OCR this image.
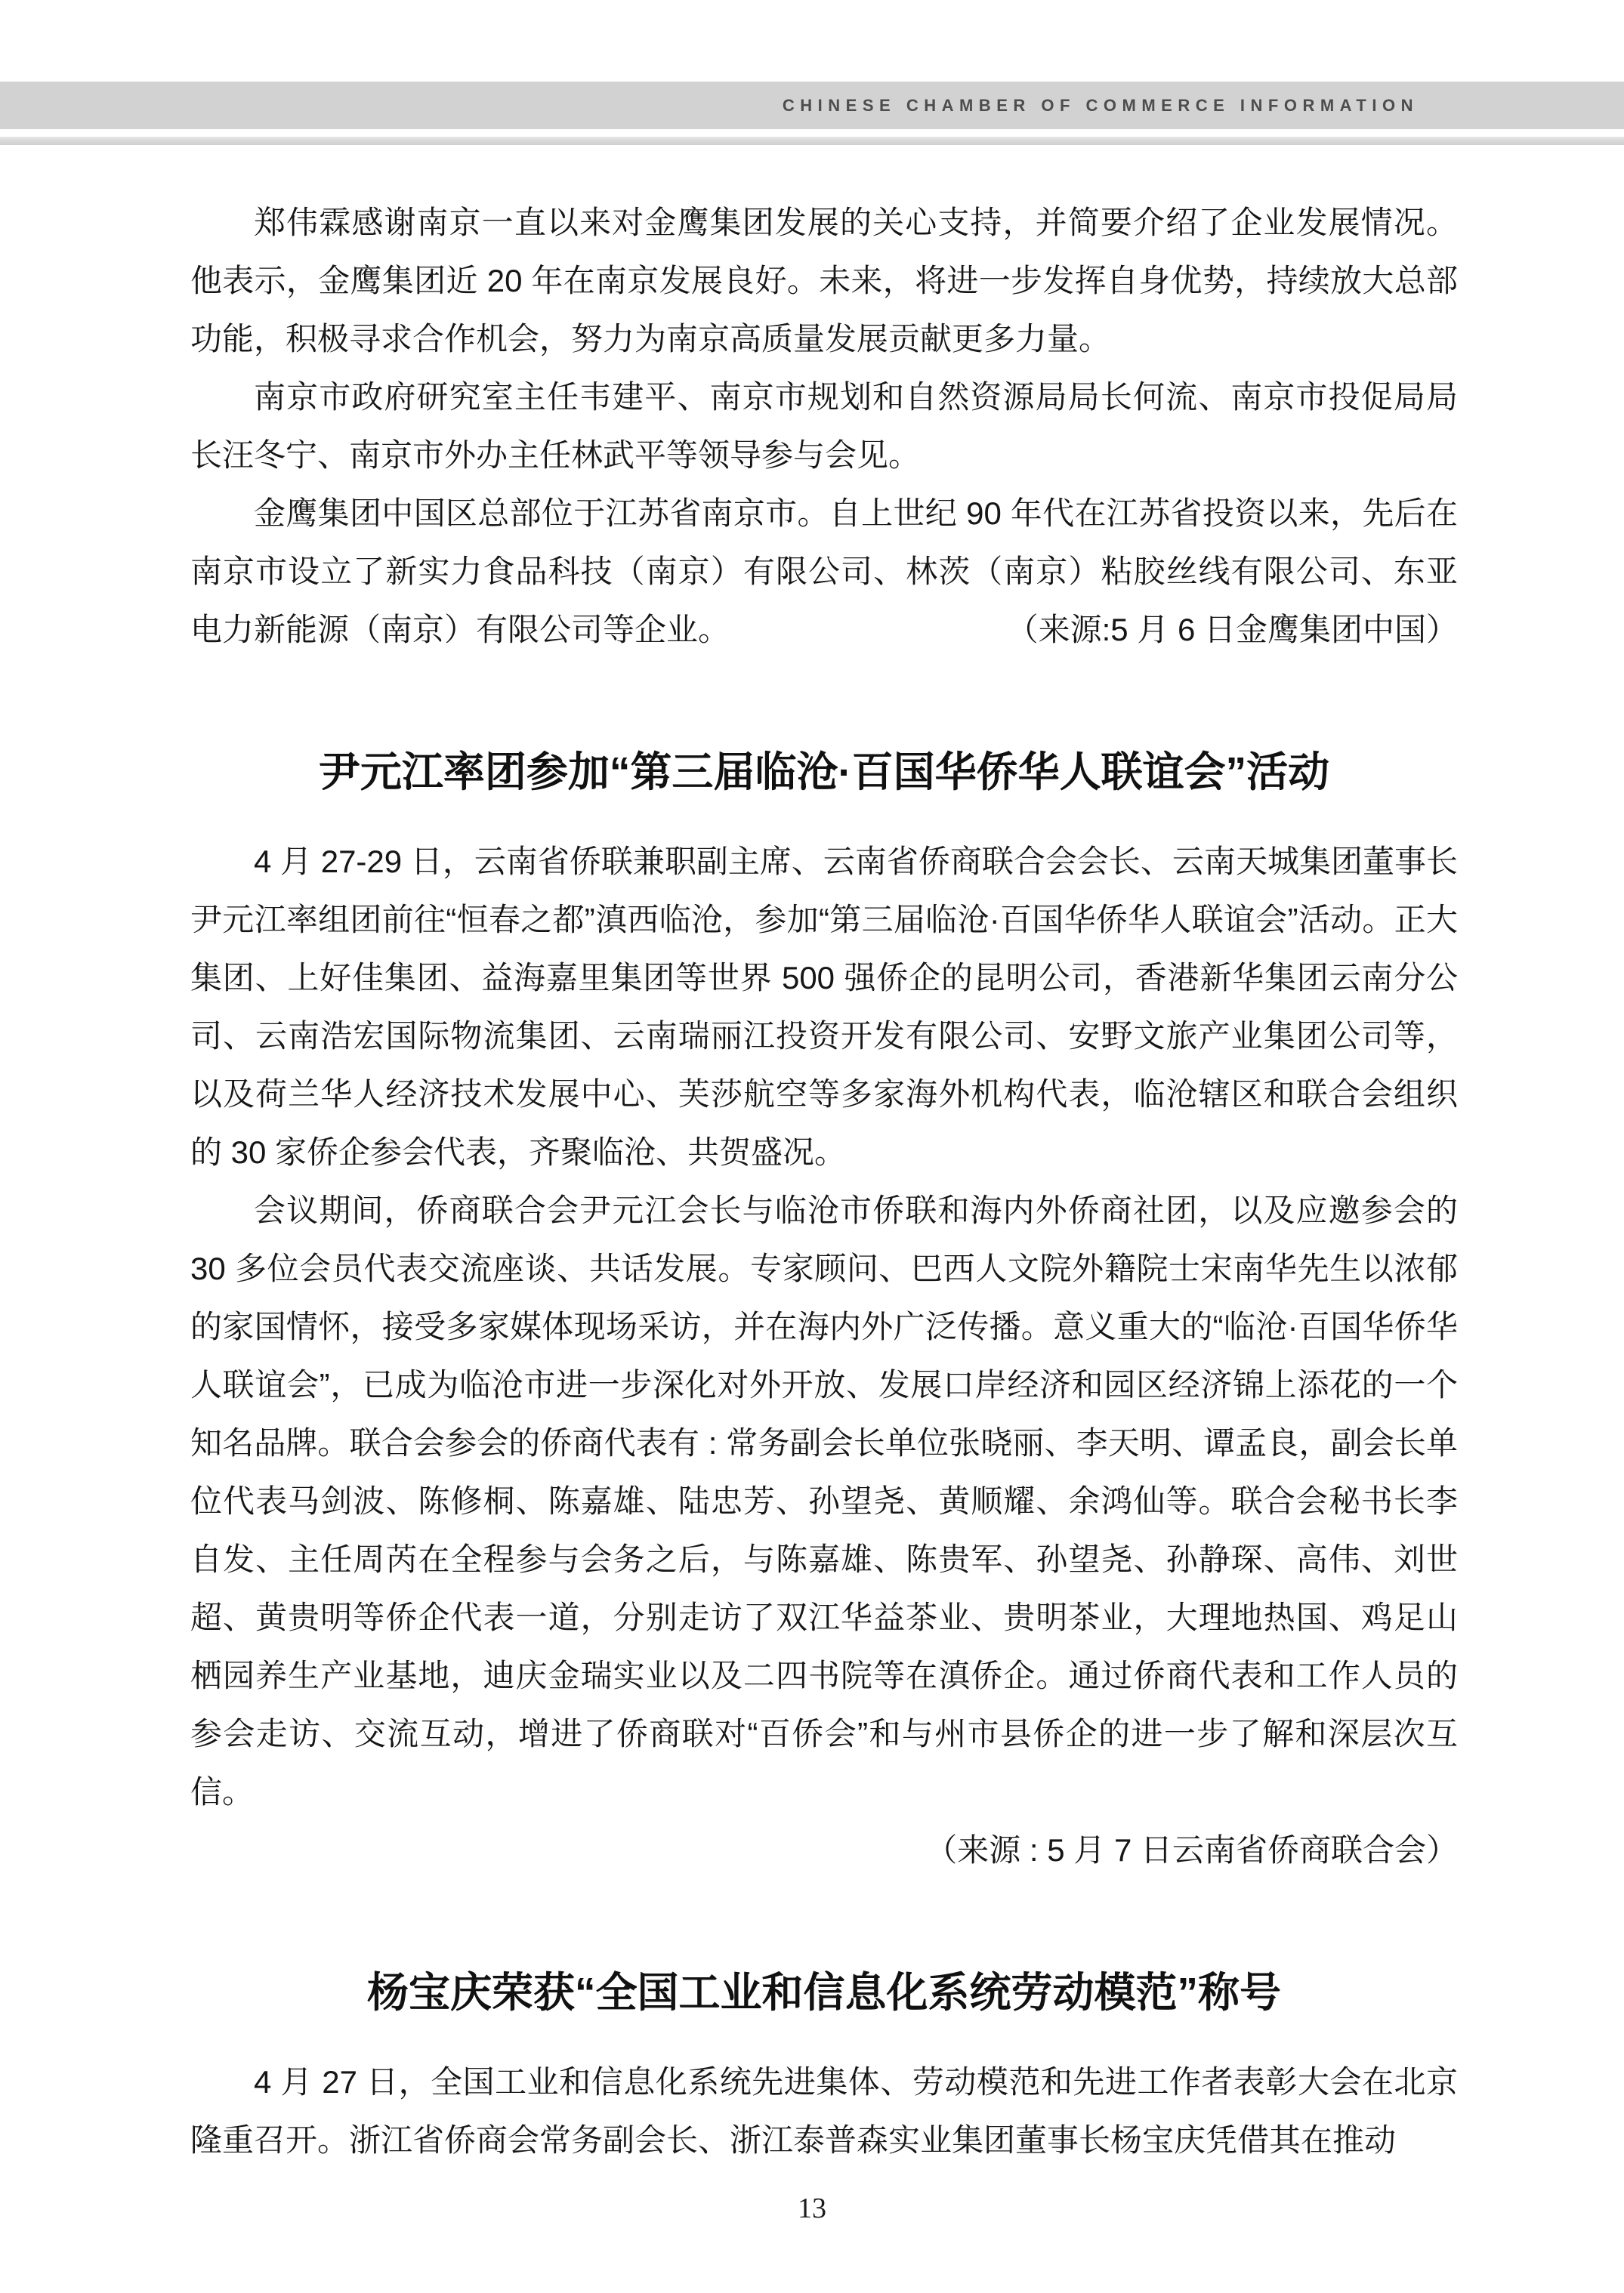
CHINESE CHAMBER OF COMMERCE INFORMATION

郑伟霖感谢南京一直以来对金鹰集团发展的关心支持，并简要介绍了企业发展情况。他表示，金鹰集团近 20 年在南京发展良好。未来，将进一步发挥自身优势，持续放大总部功能，积极寻求合作机会，努力为南京高质量发展贡献更多力量。

南京市政府研究室主任韦建平、南京市规划和自然资源局局长何流、南京市投促局局长汪冬宁、南京市外办主任林武平等领导参与会见。

金鹰集团中国区总部位于江苏省南京市。自上世纪 90 年代在江苏省投资以来，先后在南京市设立了新实力食品科技（南京）有限公司、林茨（南京）粘胶丝线有限公司、东亚电力新能源（南京）有限公司等企业。	（来源:5 月 6 日金鹰集团中国）

尹元江率团参加“第三届临沧·百国华侨华人联谊会”活动

4 月 27-29 日，云南省侨联兼职副主席、云南省侨商联合会会长、云南天城集团董事长尹元江率组团前往“恒春之都”滇西临沧，参加“第三届临沧·百国华侨华人联谊会”活动。正大集团、上好佳集团、益海嘉里集团等世界 500 强侨企的昆明公司，香港新华集团云南分公司、云南浩宏国际物流集团、云南瑞丽江投资开发有限公司、安野文旅产业集团公司等，以及荷兰华人经济技术发展中心、芙莎航空等多家海外机构代表，临沧辖区和联合会组织的 30 家侨企参会代表，齐聚临沧、共贺盛况。

会议期间，侨商联合会尹元江会长与临沧市侨联和海内外侨商社团，以及应邀参会的 30 多位会员代表交流座谈、共话发展。专家顾问、巴西人文院外籍院士宋南华先生以浓郁的家国情怀，接受多家媒体现场采访，并在海内外广泛传播。意义重大的“临沧·百国华侨华人联谊会”，已成为临沧市进一步深化对外开放、发展口岸经济和园区经济锦上添花的一个知名品牌。联合会参会的侨商代表有 : 常务副会长单位张晓丽、李天明、谭孟良，副会长单位代表马剑波、陈修桐、陈嘉雄、陆忠芳、孙望尧、黄顺耀、余鸿仙等。联合会秘书长李自发、主任周芮在全程参与会务之后，与陈嘉雄、陈贵军、孙望尧、孙静琛、高伟、刘世超、黄贵明等侨企代表一道，分别走访了双江华益茶业、贵明茶业，大理地热国、鸡足山栖园养生产业基地，迪庆金瑞实业以及二四书院等在滇侨企。通过侨商代表和工作人员的参会走访、交流互动，增进了侨商联对“百侨会”和与州市县侨企的进一步了解和深层次互信。

（来源 : 5 月 7 日云南省侨商联合会）

杨宝庆荣获“全国工业和信息化系统劳动模范”称号

4 月 27 日，全国工业和信息化系统先进集体、劳动模范和先进工作者表彰大会在北京隆重召开。浙江省侨商会常务副会长、浙江泰普森实业集团董事长杨宝庆凭借其在推动

13
